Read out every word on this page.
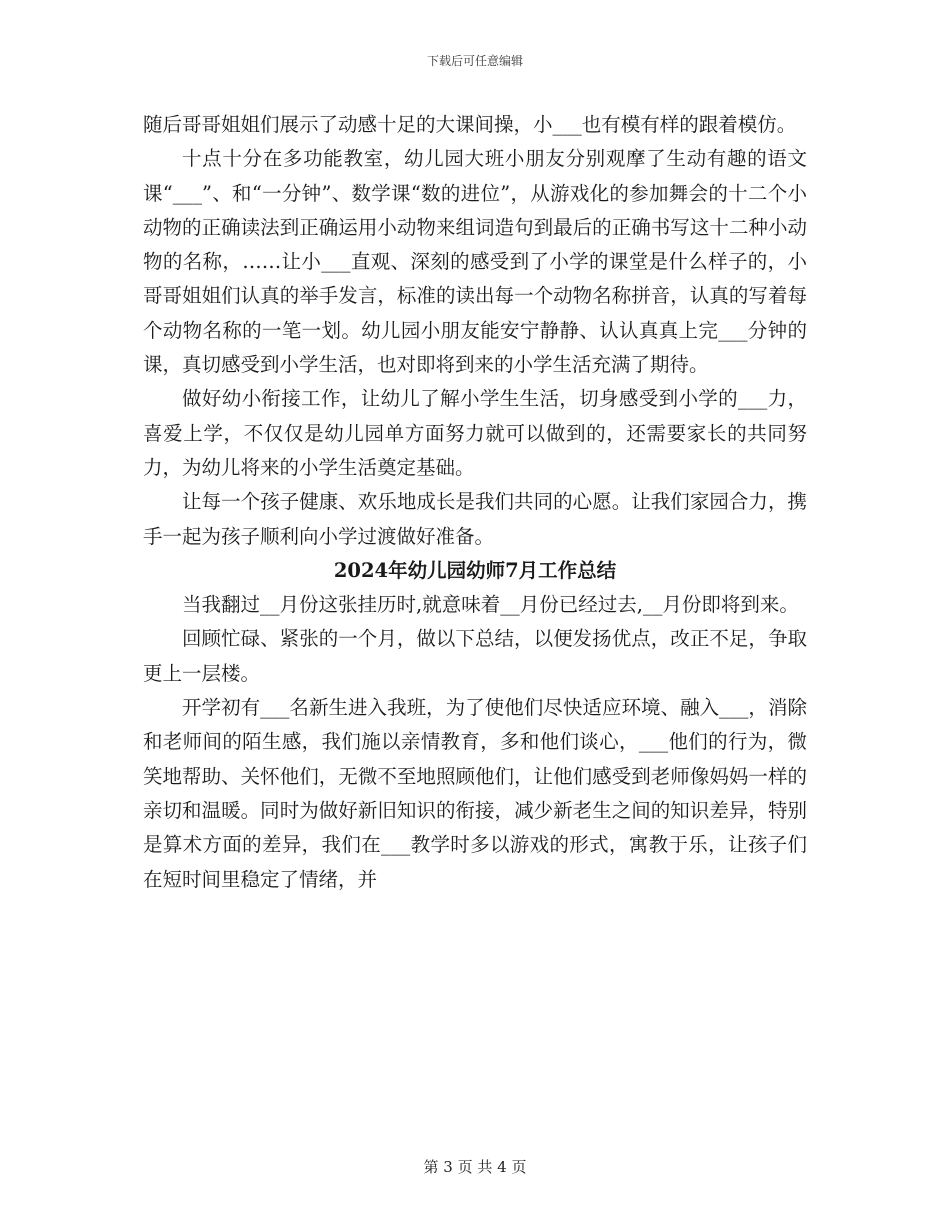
下载后可任意编辑

随后哥哥姐姐们展示了动感十足的大课间操，小___也有模有样的跟着模仿。

十点十分在多功能教室，幼儿园大班小朋友分别观摩了生动有趣的语文课“___”、和“一分钟”、数学课“数的进位”，从游戏化的参加舞会的十二个小动物的正确读法到正确运用小动物来组词造句到最后的正确书写这十二种小动物的名称，……让小___直观、深刻的感受到了小学的课堂是什么样子的，小哥哥姐姐们认真的举手发言，标准的读出每一个动物名称拼音，认真的写着每个动物名称的一笔一划。幼儿园小朋友能安宁静静、认认真真上完___分钟的课，真切感受到小学生活，也对即将到来的小学生活充满了期待。

做好幼小衔接工作，让幼儿了解小学生生活，切身感受到小学的___力，喜爱上学，不仅仅是幼儿园单方面努力就可以做到的，还需要家长的共同努力，为幼儿将来的小学生活奠定基础。

让每一个孩子健康、欢乐地成长是我们共同的心愿。让我们家园合力，携手一起为孩子顺利向小学过渡做好准备。

2024年幼儿园幼师7月工作总结

当我翻过__月份这张挂历时,就意味着__月份已经过去,__月份即将到来。

回顾忙碌、紧张的一个月，做以下总结，以便发扬优点，改正不足，争取更上一层楼。

开学初有___名新生进入我班，为了使他们尽快适应环境、融入___，消除和老师间的陌生感，我们施以亲情教育，多和他们谈心，___他们的行为，微笑地帮助、关怀他们，无微不至地照顾他们，让他们感受到老师像妈妈一样的亲切和温暖。同时为做好新旧知识的衔接，减少新老生之间的知识差异，特别是算术方面的差异，我们在___教学时多以游戏的形式，寓教于乐，让孩子们在短时间里稳定了情绪，并

第 3 页 共 4 页
